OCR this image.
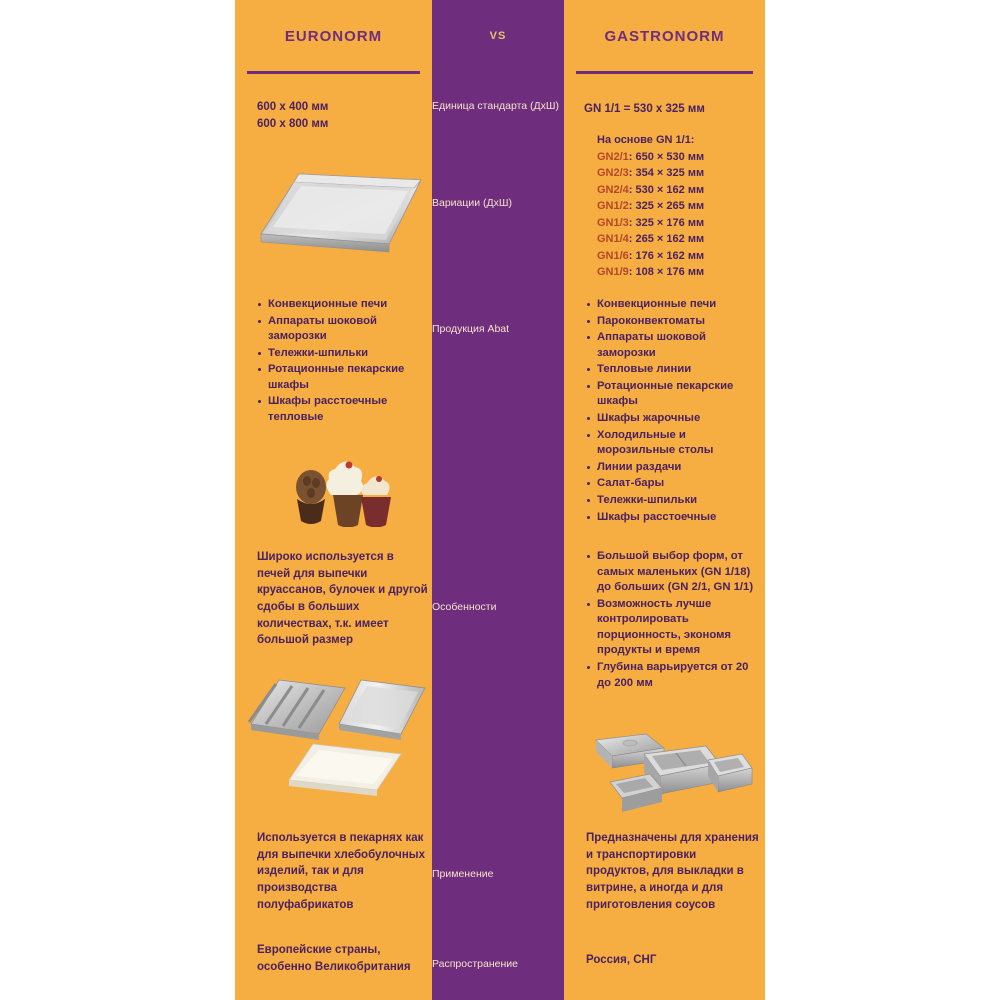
EURONORM
600 х 400 мм
600 х 800 мм
Конвекционные печи
Аппараты шоковой заморозки
Тележки-шпильки
Ротационные пекарские шкафы
Шкафы расстоечные тепловые
Широко используется в печей для выпечки круассанов, булочек и другой сдобы в больших количествах, т.к. имеет большой размер
Используется в пекарнях как для выпечки хлебобулочных изделий, так и для производства полуфабрикатов
Европейские страны, особенно Великобритания
VS
Единица стандарта (ДхШ)
Вариации (ДхШ)
Продукция Abat
Особенности
Применение
Распространение
GASTRONORM
GN 1/1 = 530 х 325 мм
На основе GN 1/1:
GN2/1: 650 × 530 мм
GN2/3: 354 × 325 мм
GN2/4: 530 × 162 мм
GN1/2: 325 × 265 мм
GN1/3: 325 × 176 мм
GN1/4: 265 × 162 мм
GN1/6: 176 × 162 мм
GN1/9: 108 × 176 мм
Конвекционные печи
Пароконвектоматы
Аппараты шоковой заморозки
Тепловые линии
Ротационные пекарские шкафы
Шкафы жарочные
Холодильные и морозильные столы
Линии раздачи
Салат-бары
Тележки-шпильки
Шкафы расстоечные
Большой выбор форм, от самых маленьких (GN 1/18) до больших (GN 2/1, GN 1/1)
Возможность лучше контролировать порционность, экономя продукты и время
Глубина варьируется от 20 до 200 мм
Предназначены для хранения и транспортировки продуктов, для выкладки в витрине, а иногда и для приготовления соусов
Россия, СНГ
